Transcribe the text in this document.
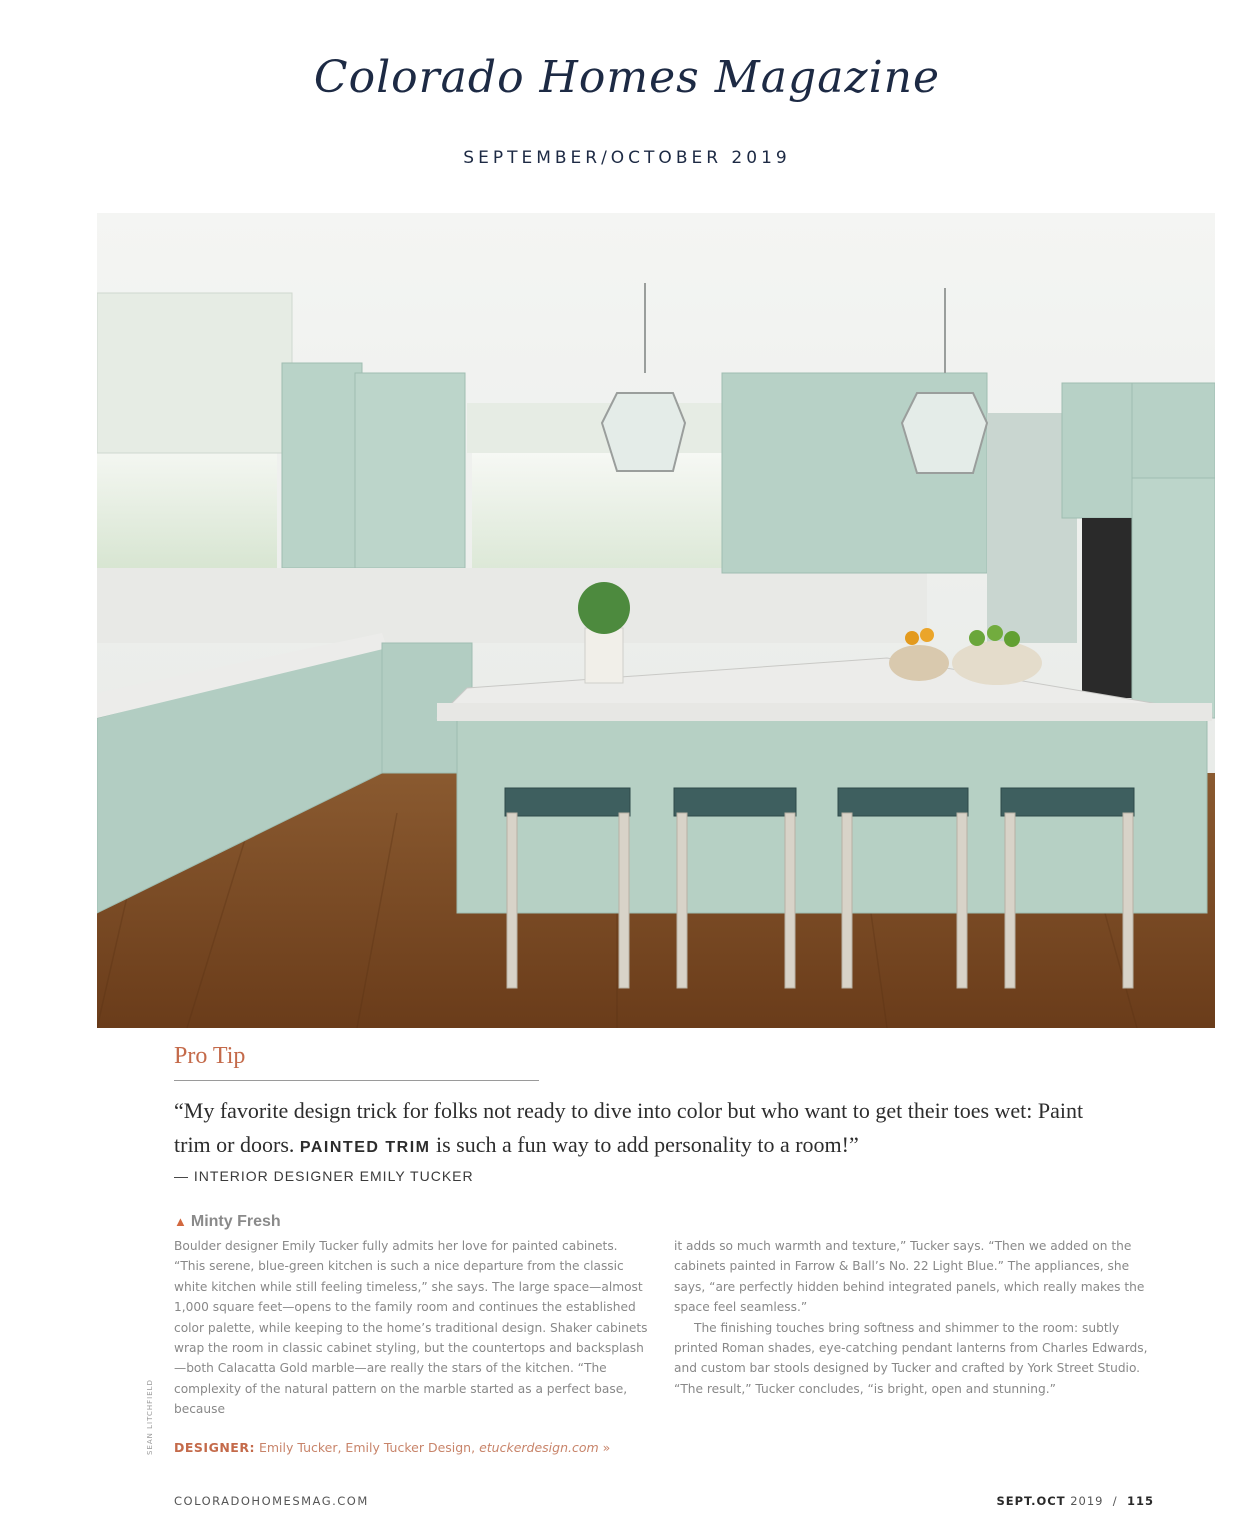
Colorado Homes Magazine
SEPTEMBER/OCTOBER 2019
Pro Tip
“My favorite design trick for folks not ready to dive into color but who want to get their toes wet: Paint trim or doors. PAINTED TRIM is such a fun way to add personality to a room!”
— INTERIOR DESIGNER EMILY TUCKER
▲ Minty Fresh

Boulder designer Emily Tucker fully admits her love for painted cabinets. “This serene, blue-green kitchen is such a nice departure from the classic white kitchen while still feeling timeless,” she says. The large space—almost 1,000 square feet—opens to the family room and continues the established color palette, while keeping to the home’s traditional design. Shaker cabinets wrap the room in classic cabinet styling, but the countertops and backsplash—both Calacatta Gold marble—are really the stars of the kitchen. “The complexity of the natural pattern on the marble started as a perfect base, because

it adds so much warmth and texture,” Tucker says. “Then we added on the cabinets painted in Farrow & Ball’s No. 22 Light Blue.” The appliances, she says, “are perfectly hidden behind integrated panels, which really makes the space feel seamless.”

The finishing touches bring softness and shimmer to the room: subtly printed Roman shades, eye-catching pendant lanterns from Charles Edwards, and custom bar stools designed by Tucker and crafted by York Street Studio. “The result,” Tucker concludes, “is bright, open and stunning.”

DESIGNER: Emily Tucker, Emily Tucker Design, etuckerdesign.com »
SEAN LITCHFIELD
COLORADOHOMESMAG.COM	SEPT.OCT 2019 / 115
